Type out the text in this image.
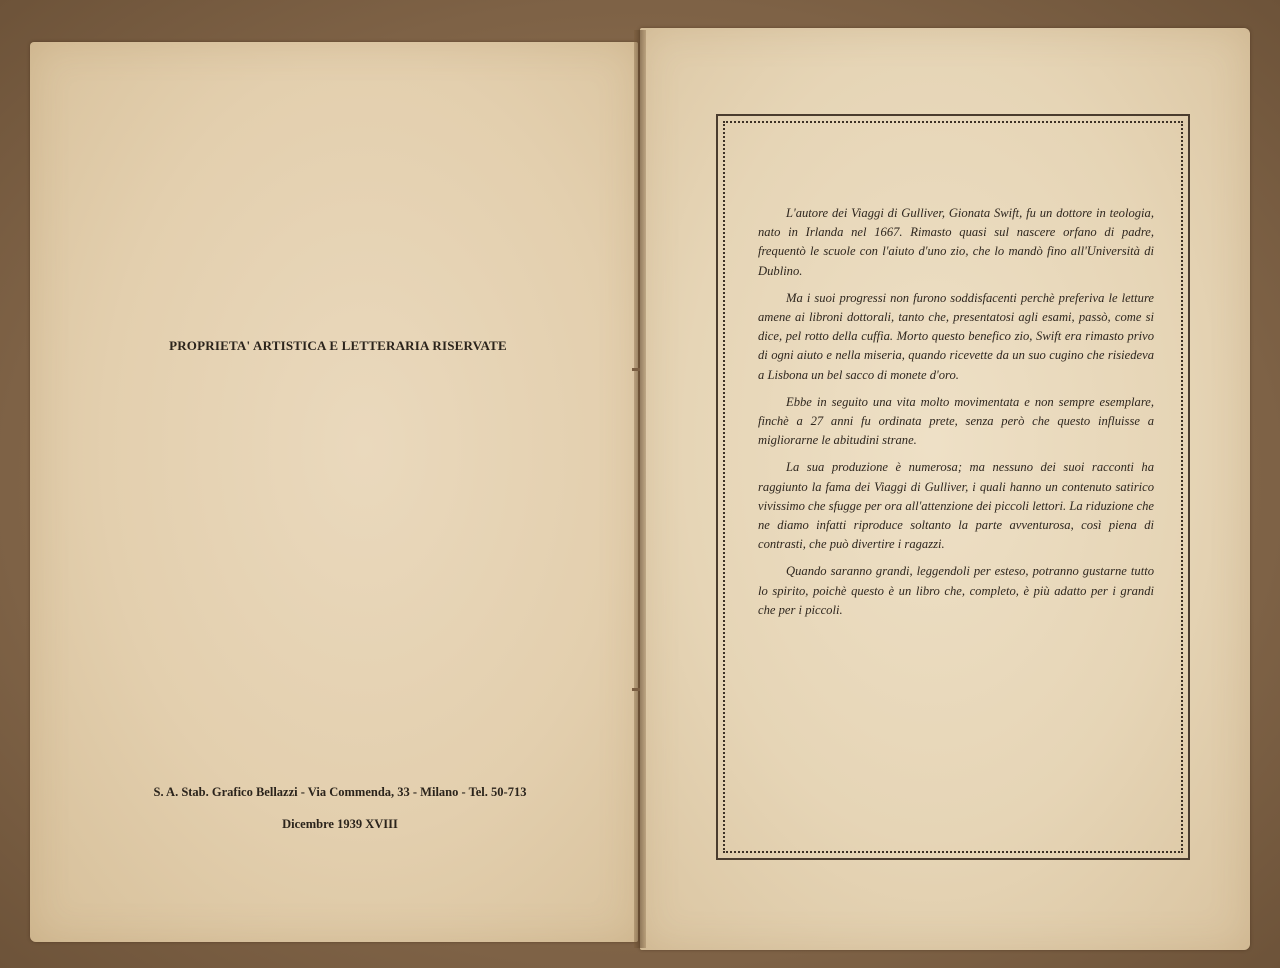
PROPRIETA' ARTISTICA E LETTERARIA RISERVATE
S. A. Stab. Grafico Bellazzi - Via Commenda, 33 - Milano - Tel. 50-713
Dicembre 1939 XVIII

L'autore dei Viaggi di Gulliver, Gionata Swift, fu un dottore in teologia, nato in Irlanda nel 1667. Rimasto quasi sul nascere orfano di padre, frequentò le scuole con l'aiuto d'uno zio, che lo mandò fino all'Università di Dublino.

Ma i suoi progressi non furono soddisfacenti perchè preferiva le letture amene ai libroni dottorali, tanto che, presentatosi agli esami, passò, come si dice, pel rotto della cuffia. Morto questo benefico zio, Swift era rimasto privo di ogni aiuto e nella miseria, quando ricevette da un suo cugino che risiedeva a Lisbona un bel sacco di monete d'oro.

Ebbe in seguito una vita molto movimentata e non sempre esemplare, finchè a 27 anni fu ordinata prete, senza però che questo influisse a migliorarne le abitudini strane.

La sua produzione è numerosa; ma nessuno dei suoi racconti ha raggiunto la fama dei Viaggi di Gulliver, i quali hanno un contenuto satirico vivissimo che sfugge per ora all'attenzione dei piccoli lettori. La riduzione che ne diamo infatti riproduce soltanto la parte avventurosa, così piena di contrasti, che può divertire i ragazzi.

Quando saranno grandi, leggendoli per esteso, potranno gustarne tutto lo spirito, poichè questo è un libro che, completo, è più adatto per i grandi che per i piccoli.
